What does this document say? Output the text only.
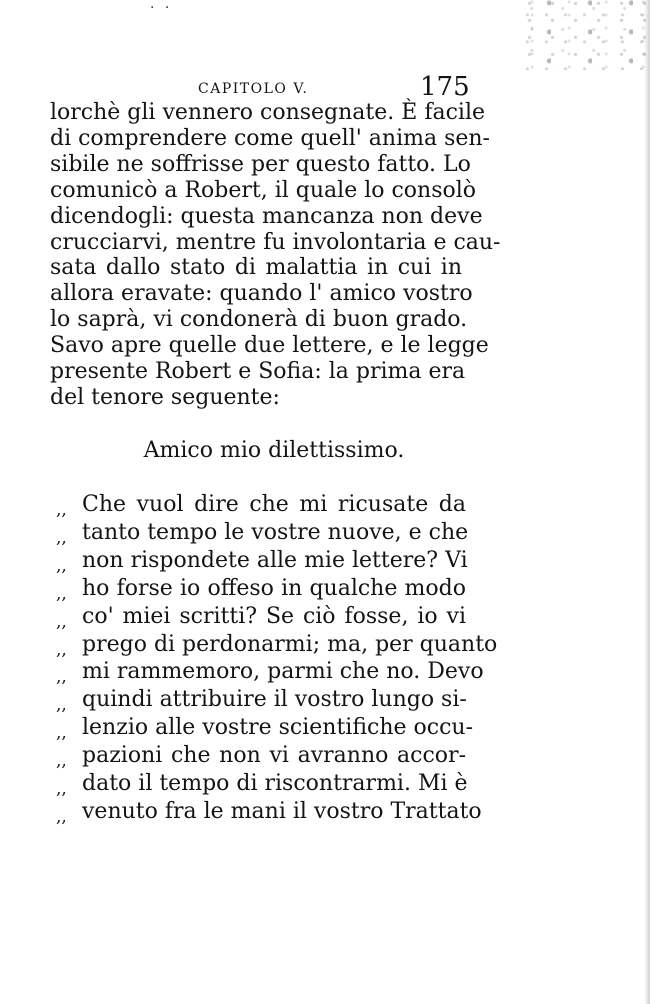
· ·
CAPITOLO V.	175

lorchè gli vennero consegnate. È facile
di comprendere come quell' anima sen-
sibile ne soffrisse per questo fatto. Lo
comunicò a Robert, il quale lo consolò
dicendogli: questa mancanza non deve
cruccіarvi, mentre fu involontaria e cau-
sata dallo stato di malattia in cui in
allora eravate: quando l' amico vostro
lo saprà, vi condonerà di buon grado.
Savo apre quelle due lettere, e le legge
presente Robert e Sofia: la prima era
del tenore seguente:

Amico mio dilettissimo.

,, Che vuol dire che mi ricusate da
,, tanto tempo le vostre nuove, e che
,, non rispondete alle mie lettere? Vi
,, ho forse io offeso in qualche modo
,, co' miei scritti? Se ciò fosse, io vi
,, prego di perdonarmi; ma, per quanto
,, mi rammemoro, parmi che no. Devo
,, quindi attribuire il vostro lungo si-
,, lenzio alle vostre scientifiche occu-
,, pazioni che non vi avranno accor-
,, dato il tempo di riscontrarmi. Mi è
,, venuto fra le mani il vostro Trattato
